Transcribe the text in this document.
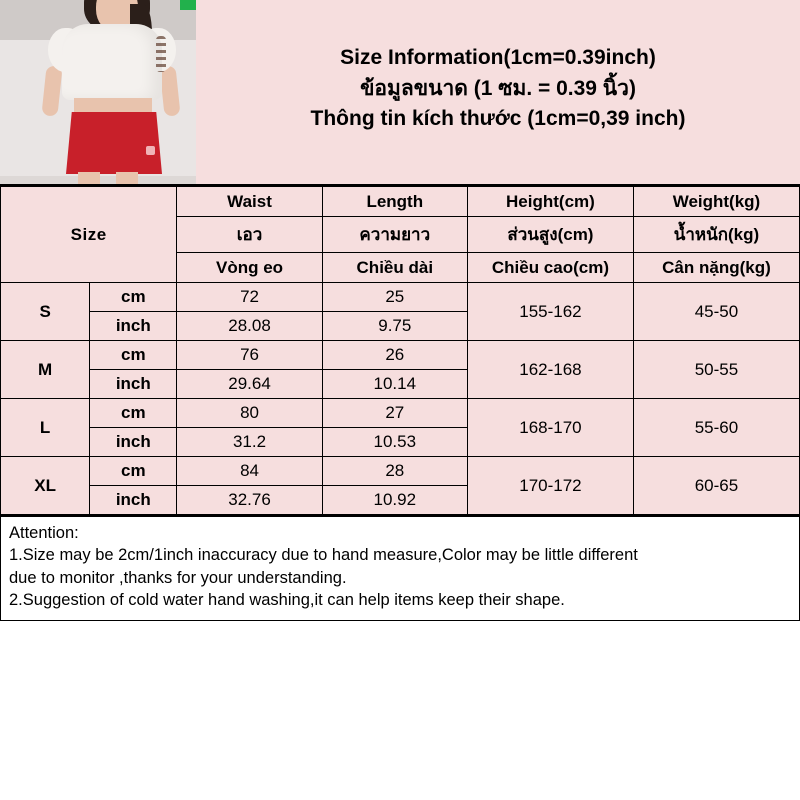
Size Information(1cm=0.39inch)
ข้อมูลขนาด (1 ซม. = 0.39 นิ้ว)
Thông tin kích thước (1cm=0,39 inch)
Size		Waist	Length	Height(cm)	Weight(kg)
		เอว	ความยาว	ส่วนสูง(cm)	น้ำหนัก(kg)
		Vòng eo	Chiều dài	Chiều cao(cm)	Cân nặng(kg)
S	cm	72	25	155-162	45-50
	inch	28.08	9.75		
M	cm	76	26	162-168	50-55
	inch	29.64	10.14		
L	cm	80	27	168-170	55-60
	inch	31.2	10.53		
XL	cm	84	28	170-172	60-65
	inch	32.76	10.92		
Attention:
1.Size may be 2cm/1inch inaccuracy due to hand measure,Color may be little different
due to monitor ,thanks for your understanding.
2.Suggestion of cold water hand washing,it can help items keep their shape.
